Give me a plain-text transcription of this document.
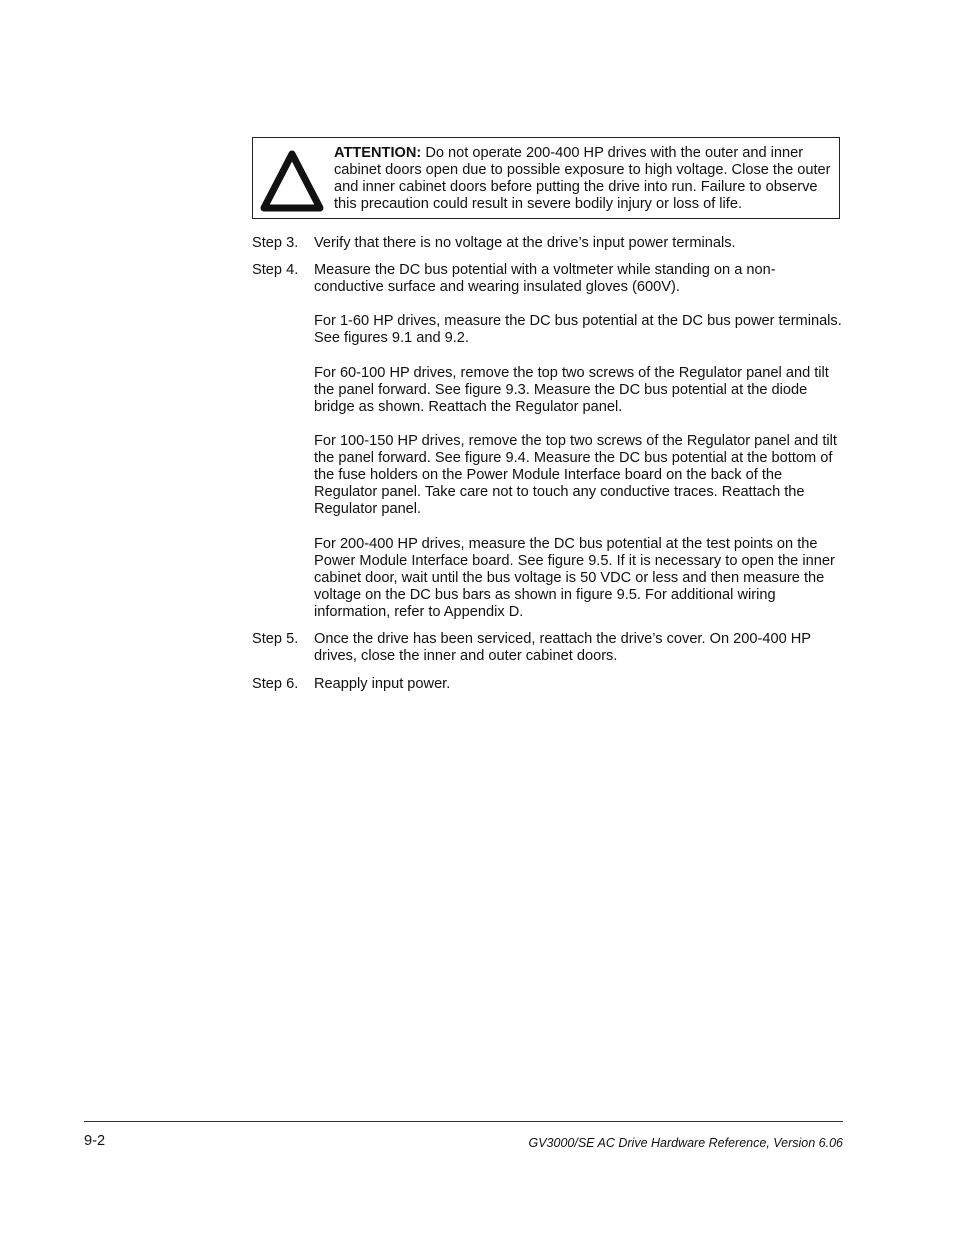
ATTENTION: Do not operate 200-400 HP drives with the outer and inner cabinet doors open due to possible exposure to high voltage. Close the outer and inner cabinet doors before putting the drive into run. Failure to observe this precaution could result in severe bodily injury or loss of life.
Step 3.	Verify that there is no voltage at the drive’s input power terminals.
Step 4.	Measure the DC bus potential with a voltmeter while standing on a non-conductive surface and wearing insulated gloves (600V).
For 1-60 HP drives, measure the DC bus potential at the DC bus power terminals. See figures 9.1 and 9.2.
For 60-100 HP drives, remove the top two screws of the Regulator panel and tilt the panel forward. See figure 9.3. Measure the DC bus potential at the diode bridge as shown. Reattach the Regulator panel.
For 100-150 HP drives, remove the top two screws of the Regulator panel and tilt the panel forward. See figure 9.4. Measure the DC bus potential at the bottom of the fuse holders on the Power Module Interface board on the back of the Regulator panel. Take care not to touch any conductive traces. Reattach the Regulator panel.
For 200-400 HP drives, measure the DC bus potential at the test points on the Power Module Interface board. See figure 9.5. If it is necessary to open the inner cabinet door, wait until the bus voltage is 50 VDC or less and then measure the voltage on the DC bus bars as shown in figure 9.5. For additional wiring information, refer to Appendix D.
Step 5.	Once the drive has been serviced, reattach the drive’s cover. On 200-400 HP drives, close the inner and outer cabinet doors.
Step 6.	Reapply input power.
9-2	GV3000/SE AC Drive Hardware Reference, Version 6.06
